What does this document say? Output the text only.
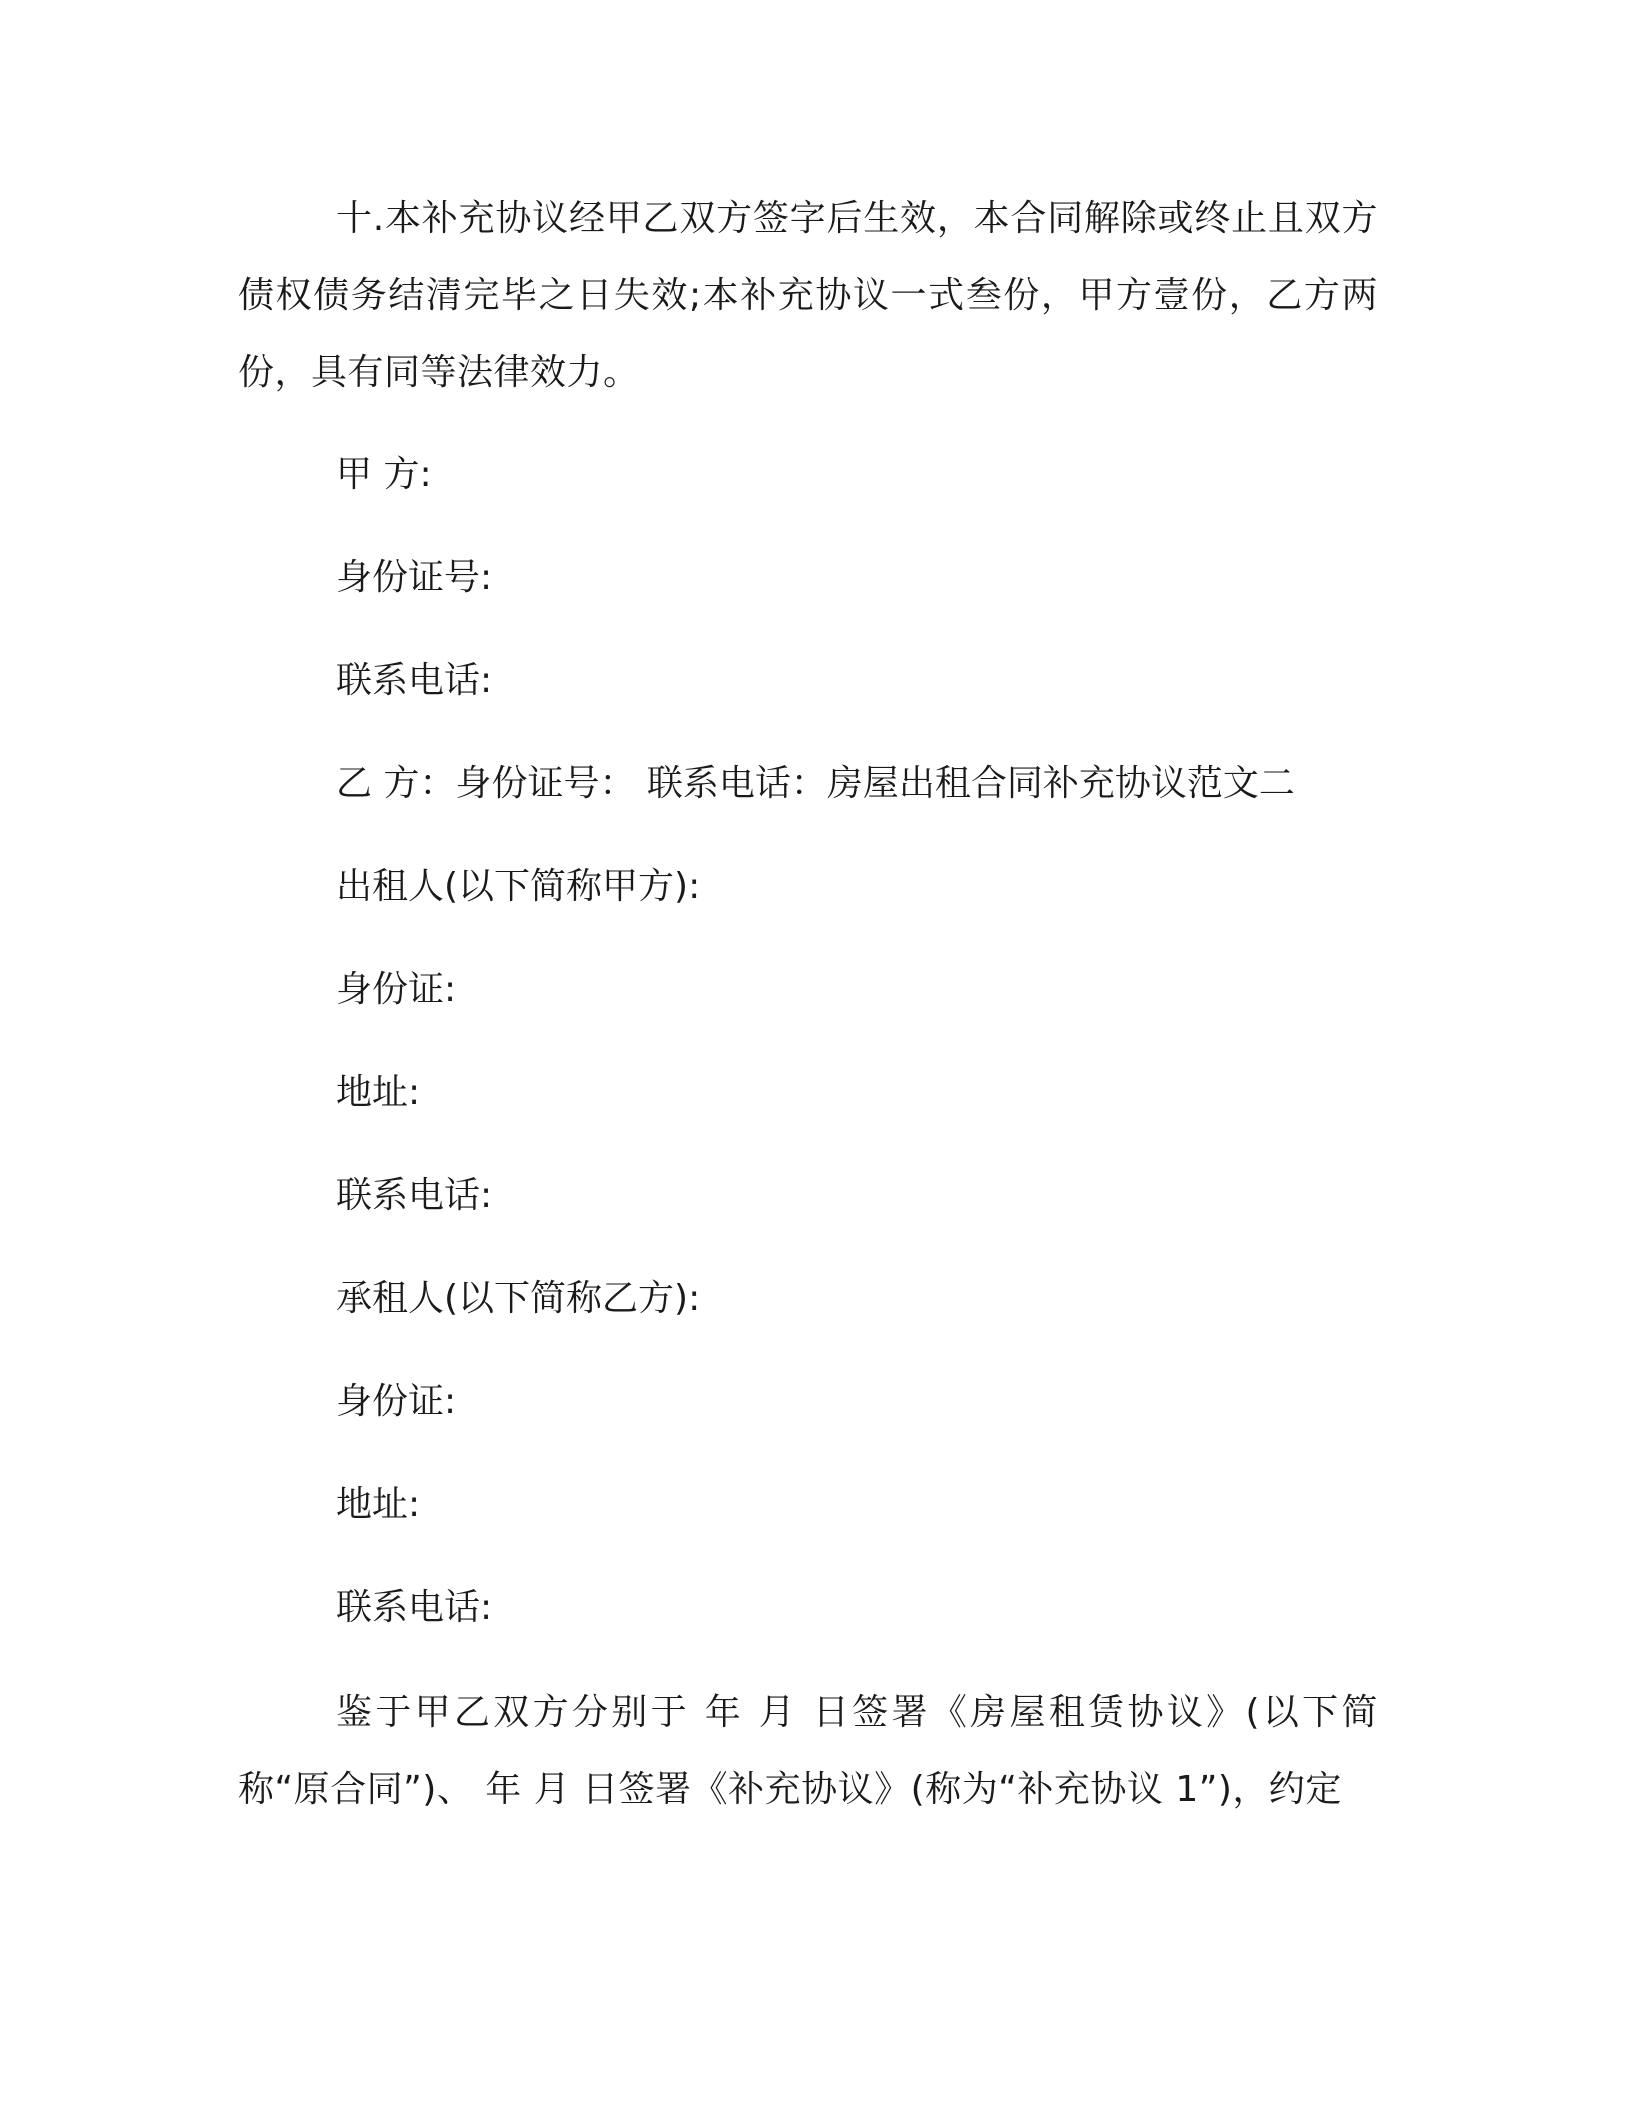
十.本补充协议经甲乙双方签字后生效，本合同解除或终止且双方债权债务结清完毕之日失效;本补充协议一式叁份，甲方壹份，乙方两份，具有同等法律效力。
甲 方:
身份证号:
联系电话:
乙 方：身份证号： 联系电话：房屋出租合同补充协议范文二
出租人(以下简称甲方):
身份证:
地址:
联系电话:
承租人(以下简称乙方):
身份证:
地址:
联系电话:
鉴于甲乙双方分别于 年 月 日签署《房屋租赁协议》(以下简称“原合同”)、 年 月 日签署《补充协议》(称为“补充协议 1”)，约定
